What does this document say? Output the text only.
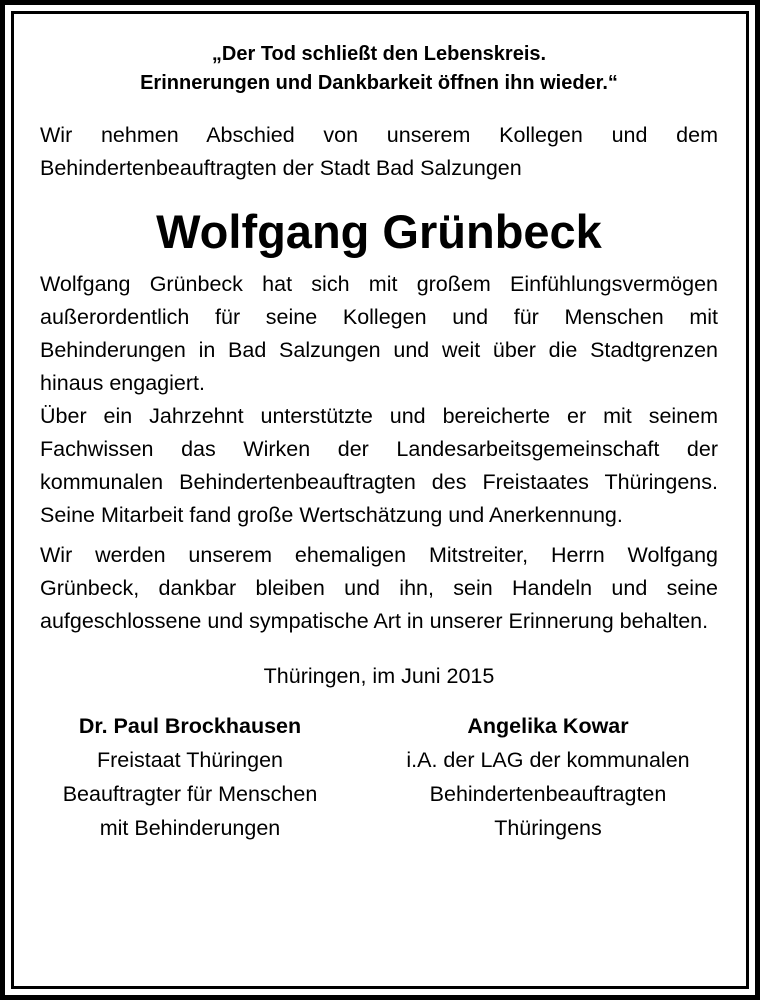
„Der Tod schließt den Lebenskreis.
Erinnerungen und Dankbarkeit öffnen ihn wieder.“
Wir nehmen Abschied von unserem Kollegen und dem Behindertenbeauftragten der Stadt Bad Salzungen
Wolfgang Grünbeck
Wolfgang Grünbeck hat sich mit großem Einfühlungsvermögen außerordentlich für seine Kollegen und für Menschen mit Behinderungen in Bad Salzungen und weit über die Stadtgrenzen hinaus engagiert.
Über ein Jahrzehnt unterstützte und bereicherte er mit seinem Fachwissen das Wirken der Landesarbeitsgemeinschaft der kommunalen Behindertenbeauftragten des Freistaates Thüringens. Seine Mitarbeit fand große Wertschätzung und Anerkennung.
Wir werden unserem ehemaligen Mitstreiter, Herrn Wolfgang Grünbeck, dankbar bleiben und ihn, sein Handeln und seine aufgeschlossene und sympatische Art in unserer Erinnerung behalten.
Thüringen, im Juni 2015
Dr. Paul Brockhausen
Freistaat Thüringen
Beauftragter für Menschen
mit Behinderungen
Angelika Kowar
i.A. der LAG der kommunalen
Behindertenbeauftragten
Thüringens
